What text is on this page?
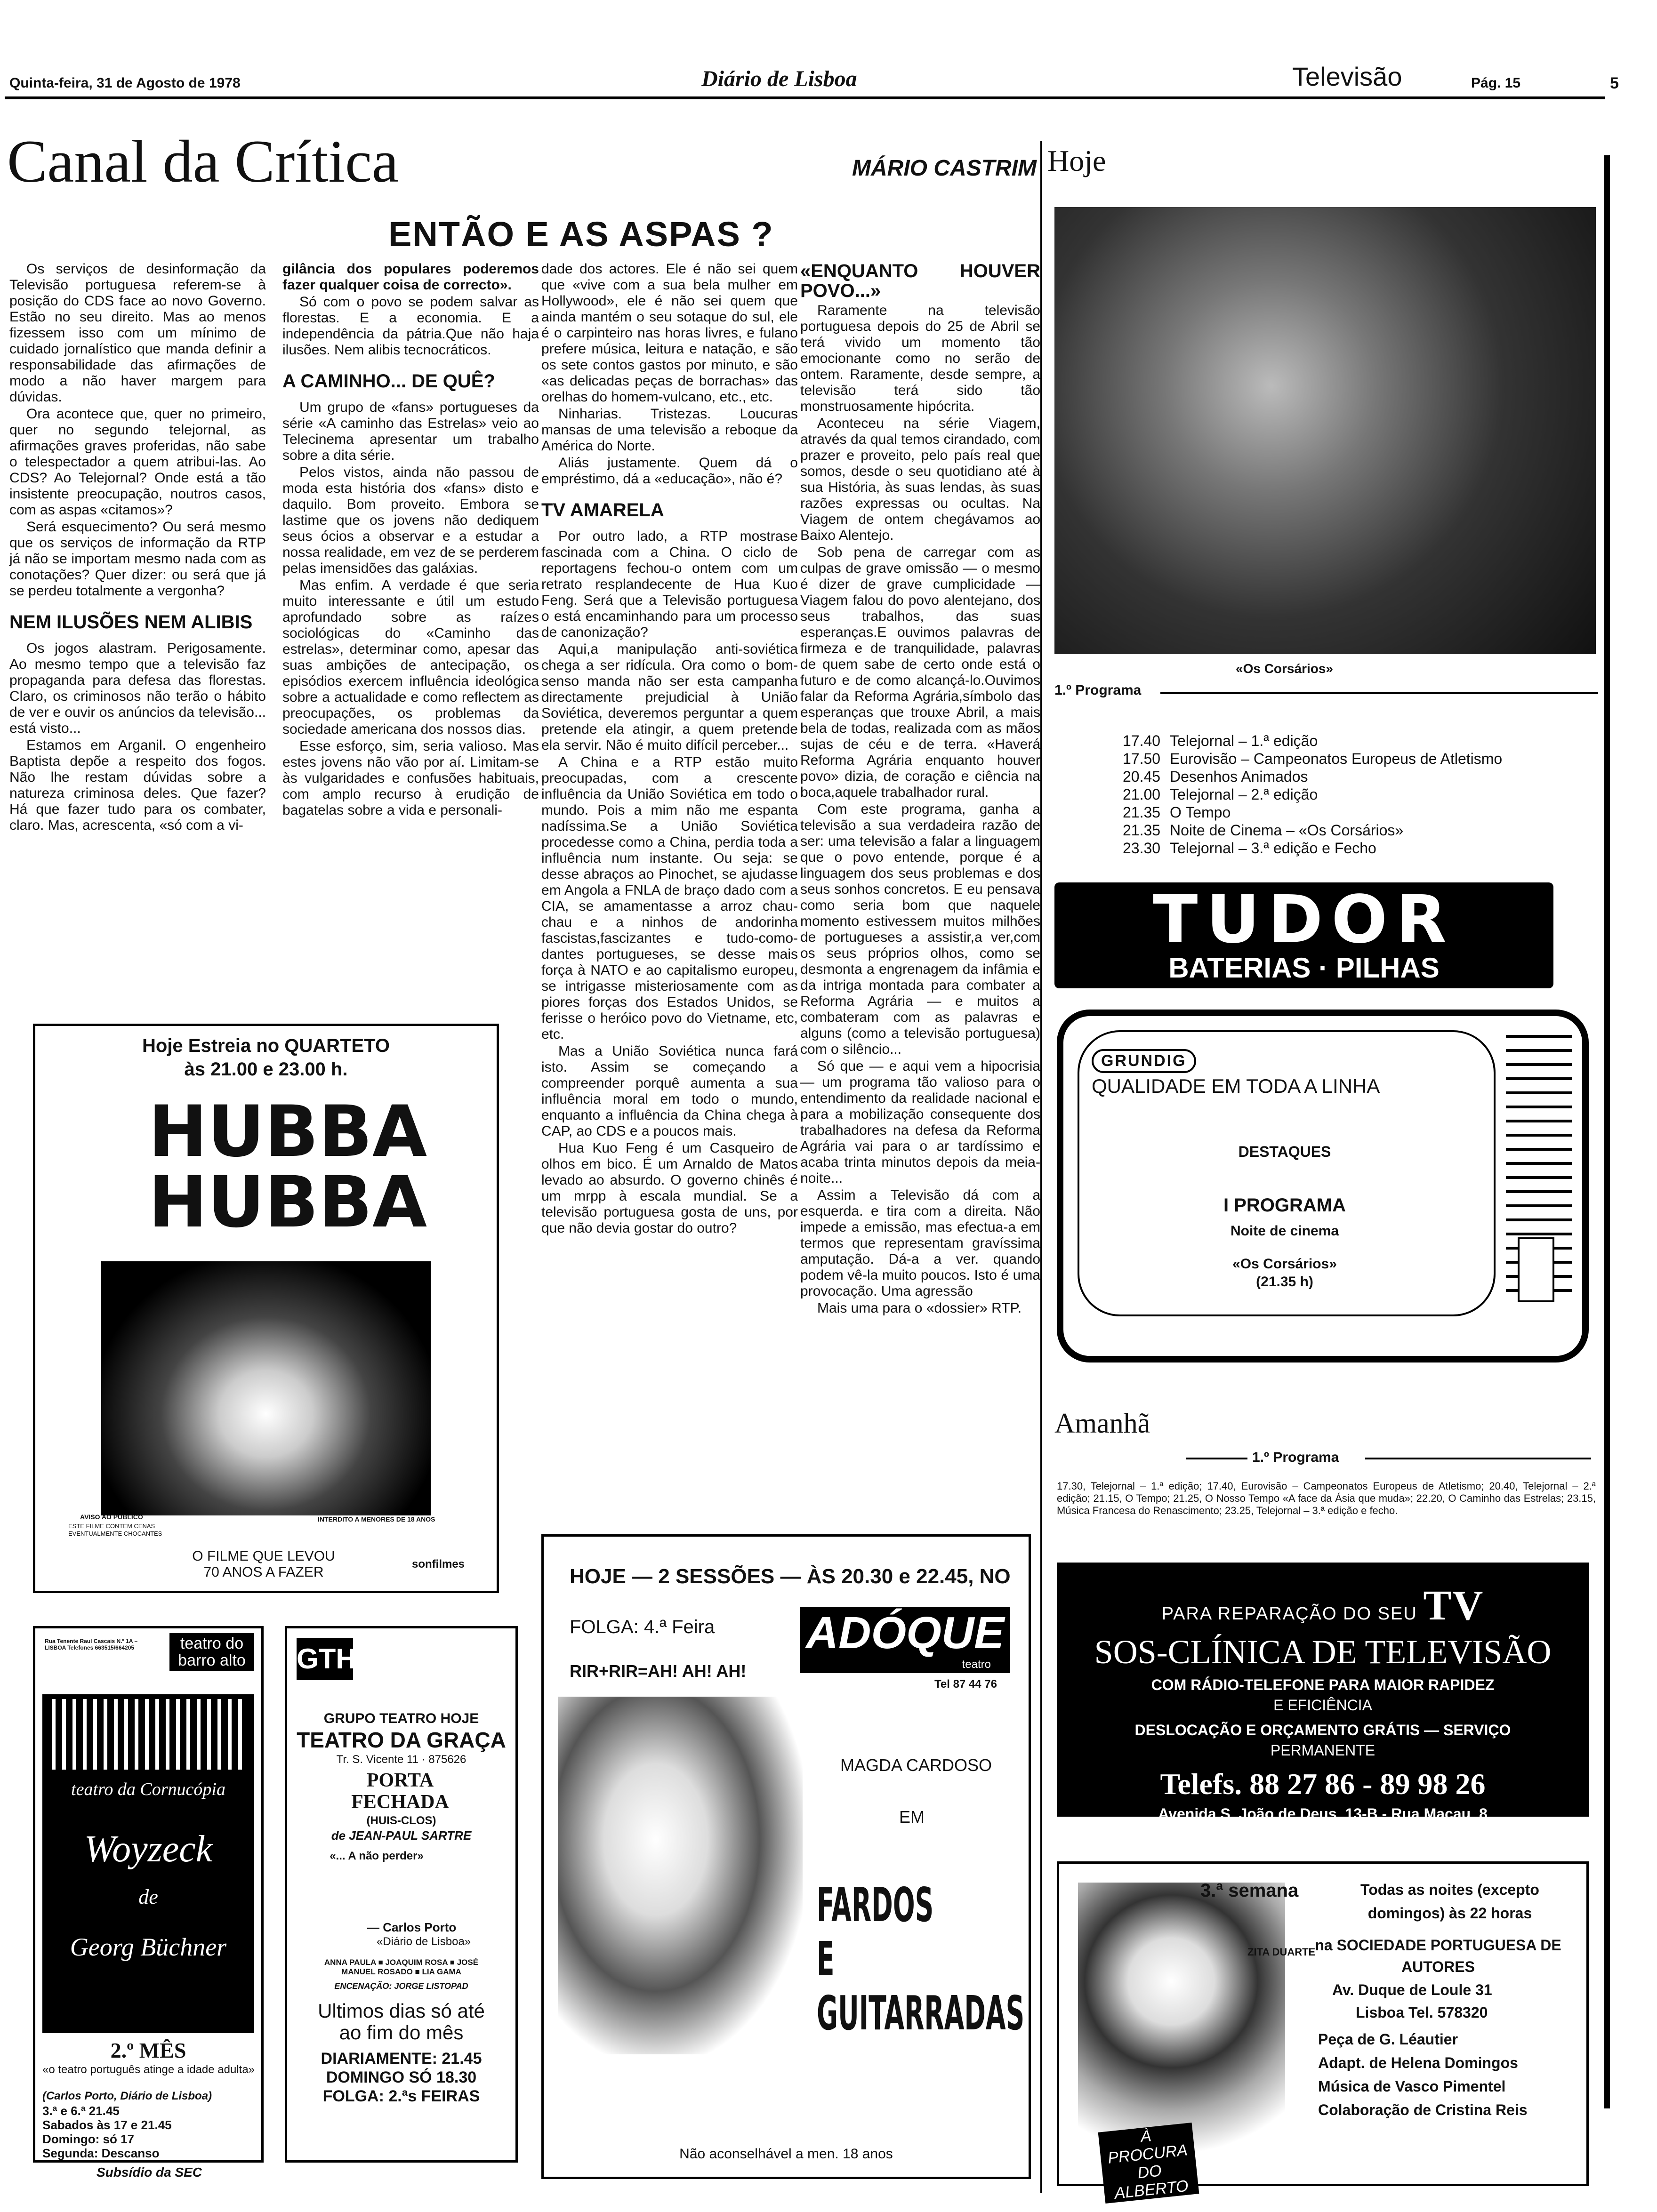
Quinta-feira, 31 de Agosto de 1978	Diário de Lisboa	Televisão	Pág. 15	5
Canal da Crítica	MÁRIO CASTRIM
ENTÃO E AS ASPAS ?

Os serviços de desinformação da Televisão portuguesa referem-se à posição do CDS face ao novo Governo. Estão no seu direito. Mas ao menos fizessem isso com um mínimo de cuidado jornalístico que manda definir a responsabilidade das afirmações de modo a não haver margem para dúvidas.

Ora acontece que, quer no primeiro, quer no segundo telejornal, as afirmações graves proferidas, não sabe o telespectador a quem atribui-las. Ao CDS? Ao Telejornal? Onde está a tão insistente preocupação, noutros casos, com as aspas «citamos»?

Será esquecimento? Ou será mesmo que os serviços de informação da RTP já não se importam mesmo nada com as conotações? Quer dizer: ou será que já se perdeu totalmente a vergonha?

NEM ILUSÕES NEM ALIBIS

Os jogos alastram. Perigosamente. Ao mesmo tempo que a televisão faz propaganda para defesa das florestas. Claro, os criminosos não terão o hábito de ver e ouvir os anúncios da televisão... está visto...

Estamos em Arganil. O engenheiro Baptista depõe a respeito dos fogos. Não lhe restam dúvidas sobre a natureza criminosa deles. Que fazer? Há que fazer tudo para os combater, claro. Mas, acrescenta, «só com a vi-

gilância dos populares poderemos fazer qualquer coisa de correcto».

Só com o povo se podem salvar as florestas. E a economia. E a independência da pátria.Que não haja ilusões. Nem alibis tecnocráticos.

A CAMINHO... DE QUÊ?

Um grupo de «fans» portugueses da série «A caminho das Estrelas» veio ao Telecinema apresentar um trabalho sobre a dita série.

Pelos vistos, ainda não passou de moda esta história dos «fans» disto e daquilo. Bom proveito. Embora se lastime que os jovens não dediquem seus ócios a observar e a estudar a nossa realidade, em vez de se perderem pelas imensidões das galáxias.

Mas enfim. A verdade é que seria muito interessante e útil um estudo aprofundado sobre as raízes sociológicas do «Caminho das estrelas», determinar como, apesar das suas ambições de antecipação, os episódios exercem influência ideológica sobre a actualidade e como reflectem as preocupações, os problemas da sociedade americana dos nossos dias.

Esse esforço, sim, seria valioso. Mas estes jovens não vão por aí. Limitam-se às vulgaridades e confusões habituais, com amplo recurso à erudição de bagatelas sobre a vida e personali-

dade dos actores. Ele é não sei quem que «vive com a sua bela mulher em Hollywood», ele é não sei quem que ainda mantém o seu sotaque do sul, ele é o carpinteiro nas horas livres, e fulano prefere música, leitura e natação, e são os sete contos gastos por minuto, e são «as delicadas peças de borrachas» das orelhas do homem-vulcano, etc., etc.

Ninharias. Tristezas. Loucuras mansas de uma televisão a reboque da América do Norte.

Aliás justamente. Quem dá o empréstimo, dá a «educação», não é?

TV AMARELA

Por outro lado, a RTP mostrase fascinada com a China. O ciclo de reportagens fechou-o ontem com um retrato resplandecente de Hua Kuo Feng. Será que a Televisão portuguesa o está encaminhando para um processo de canonização?

Aqui,a manipulação anti-soviética chega a ser ridícula. Ora como o bom-senso manda não ser esta campanha directamente prejudicial à União Soviética, deveremos perguntar a quem pretende ela atingir, a quem pretende ela servir. Não é muito difícil perceber...

A China e a RTP estão muito preocupadas, com a crescente influência da União Soviética em todo o mundo. Pois a mim não me espanta nadíssima.Se a União Soviética procedesse como a China, perdia toda a influência num instante. Ou seja: se desse abraços ao Pinochet, se ajudasse em Angola a FNLA de braço dado com a CIA, se amamentasse a arroz chau-chau e a ninhos de andorinha fascistas,fascizantes e tudo-como-dantes portugueses, se desse mais força à NATO e ao capitalismo europeu, se intrigasse misteriosamente com as piores forças dos Estados Unidos, se ferisse o heróico povo do Vietname, etc, etc.

Mas a União Soviética nunca fará isto. Assim se começando a compreender porquê aumenta a sua influência moral em todo o mundo, enquanto a influência da China chega à CAP, ao CDS e a poucos mais.

Hua Kuo Feng é um Casqueiro de olhos em bico. É um Arnaldo de Matos levado ao absurdo. O governo chinês é um mrpp à escala mundial. Se a televisão portuguesa gosta de uns, por que não devia gostar do outro?

«ENQUANTO HOUVER POVO...»

Raramente na televisão portuguesa depois do 25 de Abril se terá vivido um momento tão emocionante como no serão de ontem. Raramente, desde sempre, a televisão terá sido tão monstruosamente hipócrita.

Aconteceu na série Viagem, através da qual temos cirandado, com prazer e proveito, pelo país real que somos, desde o seu quotidiano até à sua História, às suas lendas, às suas razões expressas ou ocultas. Na Viagem de ontem chegávamos ao Baixo Alentejo.

Sob pena de carregar com as culpas de grave omissão — o mesmo é dizer de grave cumplicidade — Viagem falou do povo alentejano, dos seus trabalhos, das suas esperanças.E ouvimos palavras de firmeza e de tranquilidade, palavras de quem sabe de certo onde está o futuro e de como alcançá-lo.Ouvimos falar da Reforma Agrária,símbolo das esperanças que trouxe Abril, a mais bela de todas, realizada com as mãos sujas de céu e de terra. «Haverá Reforma Agrária enquanto houver povo» dizia, de coração e ciência na boca,aquele trabalhador rural.

Com este programa, ganha a televisão a sua verdadeira razão de ser: uma televisão a falar a linguagem que o povo entende, porque é a linguagem dos seus problemas e dos seus sonhos concretos. E eu pensava como seria bom que naquele momento estivessem muitos milhões de portugueses a assistir,a ver,com os seus próprios olhos, como se desmonta a engrenagem da infâmia e da intriga montada para combater a Reforma Agrária — e muitos a combateram com as palavras e alguns (como a televisão portuguesa) com o silêncio...

Só que — e aqui vem a hipocrisia — um programa tão valioso para o entendimento da realidade nacional e para a mobilização consequente dos trabalhadores na defesa da Reforma Agrária vai para o ar tardíssimo e acaba trinta minutos depois da meia-noite...

Assim a Televisão dá com a esquerda. e tira com a direita. Não impede a emissão, mas efectua-a em termos que representam gravíssima amputação. Dá-a a ver. quando podem vê-la muito poucos. Isto é uma provocação. Uma agressão

Mais uma para o «dossier» RTP.

Hoje
«Os Corsários»
1.º Programa
17.40 Telejornal – 1.ª edição
17.50 Eurovisão – Campeonatos Europeus de Atletismo
20.45 Desenhos Animados
21.00 Telejornal – 2.ª edição
21.35 O Tempo
21.35 Noite de Cinema – «Os Corsários»
23.30 Telejornal – 3.ª edição e Fecho
TUDOR
BATERIAS · PILHAS
GRUNDIG
QUALIDADE EM TODA A LINHA
DESTAQUES
I PROGRAMA
Noite de cinema
«Os Corsários»
(21.35 h)
Amanhã
1.º Programa
17.30, Telejornal – 1.ª edição; 17.40, Eurovisão – Campeonatos Europeus de Atletismo; 20.40, Telejornal – 2.ª edição; 21.15, O Tempo; 21.25, O Nosso Tempo «A face da Ásia que muda»; 22.20, O Caminho das Estrelas; 23.15, Música Francesa do Renascimento; 23.25, Telejornal – 3.ª edição e fecho.
Hoje Estreia no QUARTETO
às 21.00 e 23.00 h.
HUBBA HUBBA
AVISO AO PUBLICO
ESTE FILME CONTEM CENAS EVENTUALMENTE CHOCANTES
INTERDITO A MENORES DE 18 ANOS
O FILME QUE LEVOU 70 ANOS A FAZER
sonfilmes
PARA REPARAÇÃO DO SEU TV
SOS-CLÍNICA DE TELEVISÃO
COM RÁDIO-TELEFONE PARA MAIOR RAPIDEZ
E EFICIÊNCIA
DESLOCAÇÃO E ORÇAMENTO GRÁTIS — SERVIÇO
PERMANENTE
Telefs. 88 27 86 - 89 98 26
Avenida S. João de Deus, 13-B - Rua Macau, 8
Rua Tenente Raul Cascais N.º 1A – LISBOA Telefones 663515/664205	teatro do barro alto
teatro da Cornucópia
Woyzeck
de
Georg Büchner
2.º MÊS
«o teatro português atinge a idade adulta»
(Carlos Porto, Diário de Lisboa)
3.ª e 6.ª 21.45
Sabados às 17 e 21.45
Domingo: só 17
Segunda: Descanso
Subsídio da SEC
GTH
GRUPO TEATRO HOJE
TEATRO DA GRAÇA
Tr. S. Vicente 11 · 875626
PORTA FECHADA
(HUIS-CLOS)
de JEAN-PAUL SARTRE
«... A não perder»
— Carlos Porto
«Diário de Lisboa»
ANNA PAULA ■ JOAQUIM ROSA ■ JOSÉ MANUEL ROSADO ■ LIA GAMA
ENCENAÇÃO: JORGE LISTOPAD
Ultimos dias só até ao fim do mês
DIARIAMENTE: 21.45
DOMINGO SÓ 18.30
FOLGA: 2.ªs FEIRAS
HOJE — 2 SESSÕES — ÀS 20.30 e 22.45, NO
FOLGA: 4.ª Feira
RIR+RIR=AH! AH! AH!
ADÓQUE
teatro
Tel 87 44 76
MAGDA CARDOSO
EM
FARDOS E GUITARRADAS
Não aconselhável a men. 18 anos
3.ª semana	Todas as noites (excepto domingos) às 22 horas
ZITA DUARTE na SOCIEDADE PORTUGUESA DE AUTORES
Av. Duque de Loule 31
Lisboa Tel. 578320
Peça de G. Léautier
Adapt. de Helena Domingos
Música de Vasco Pimentel
Colaboração de Cristina Reis
À PROCURA DO ALBERTO
